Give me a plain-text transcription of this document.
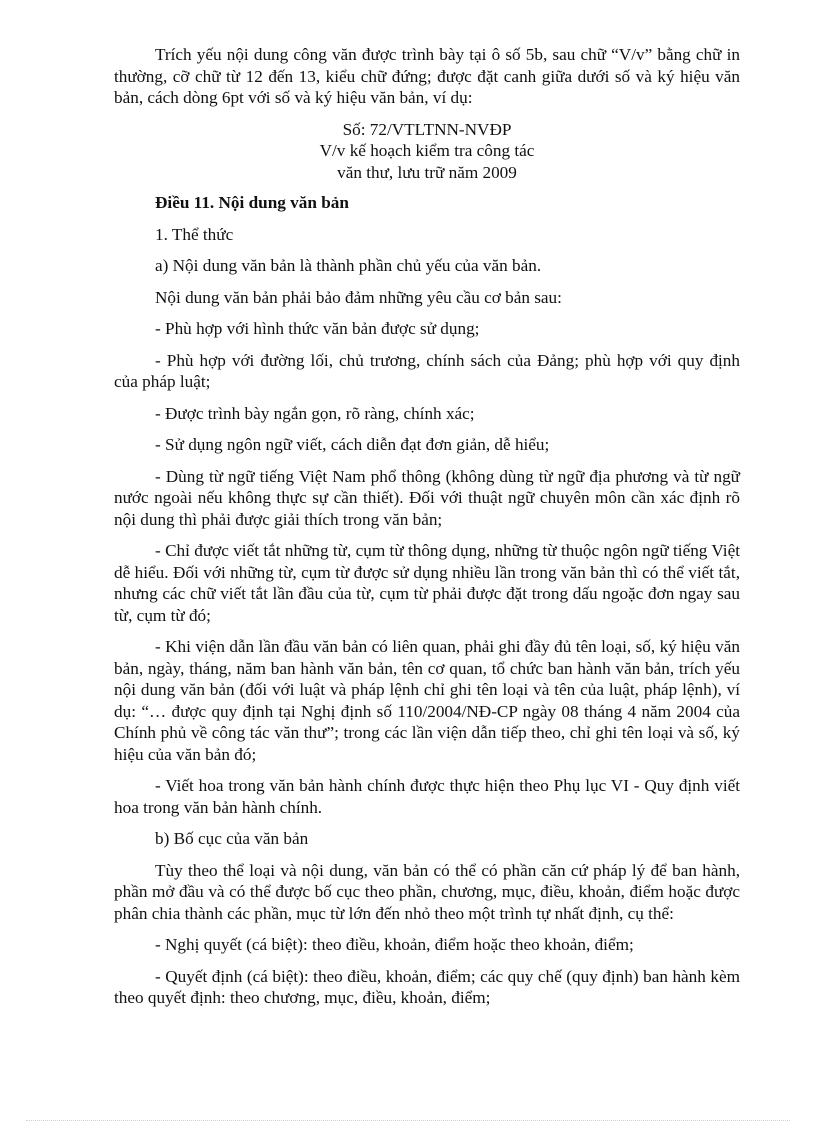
Trích yếu nội dung công văn được trình bày tại ô số 5b, sau chữ “V/v” bằng chữ in thường, cỡ chữ từ 12 đến 13, kiểu chữ đứng; được đặt canh giữa dưới số và ký hiệu văn bản, cách dòng 6pt với số và ký hiệu văn bản, ví dụ:

Số: 72/VTLTNN-NVĐP

V/v kế hoạch kiểm tra công tác

văn thư, lưu trữ năm 2009

Điều 11. Nội dung văn bản

1. Thể thức

a) Nội dung văn bản là thành phần chủ yếu của văn bản.

Nội dung văn bản phải bảo đảm những yêu cầu cơ bản sau:

- Phù hợp với hình thức văn bản được sử dụng;

- Phù hợp với đường lối, chủ trương, chính sách của Đảng; phù hợp với quy định của pháp luật;

- Được trình bày ngắn gọn, rõ ràng, chính xác;

- Sử dụng ngôn ngữ viết, cách diễn đạt đơn giản, dễ hiểu;

- Dùng từ ngữ tiếng Việt Nam phổ thông (không dùng từ ngữ địa phương và từ ngữ nước ngoài nếu không thực sự cần thiết). Đối với thuật ngữ chuyên môn cần xác định rõ nội dung thì phải được giải thích trong văn bản;

- Chỉ được viết tắt những từ, cụm từ thông dụng, những từ thuộc ngôn ngữ tiếng Việt dễ hiểu. Đối với những từ, cụm từ được sử dụng nhiều lần trong văn bản thì có thể viết tắt, nhưng các chữ viết tắt lần đầu của từ, cụm từ phải được đặt trong dấu ngoặc đơn ngay sau từ, cụm từ đó;

- Khi viện dẫn lần đầu văn bản có liên quan, phải ghi đầy đủ tên loại, số, ký hiệu văn bản, ngày, tháng, năm ban hành văn bản, tên cơ quan, tổ chức ban hành văn bản, trích yếu nội dung văn bản (đối với luật và pháp lệnh chỉ ghi tên loại và tên của luật, pháp lệnh), ví dụ: “… được quy định tại Nghị định số 110/2004/NĐ-CP ngày 08 tháng 4 năm 2004 của Chính phủ về công tác văn thư”; trong các lần viện dẫn tiếp theo, chỉ ghi tên loại và số, ký hiệu của văn bản đó;

- Viết hoa trong văn bản hành chính được thực hiện theo Phụ lục VI - Quy định viết hoa trong văn bản hành chính.

b) Bố cục của văn bản

Tùy theo thể loại và nội dung, văn bản có thể có phần căn cứ pháp lý để ban hành, phần mở đầu và có thể được bố cục theo phần, chương, mục, điều, khoản, điểm hoặc được phân chia thành các phần, mục từ lớn đến nhỏ theo một trình tự nhất định, cụ thể:

- Nghị quyết (cá biệt): theo điều, khoản, điểm hoặc theo khoản, điểm;

- Quyết định (cá biệt): theo điều, khoản, điểm; các quy chế (quy định) ban hành kèm theo quyết định: theo chương, mục, điều, khoản, điểm;
